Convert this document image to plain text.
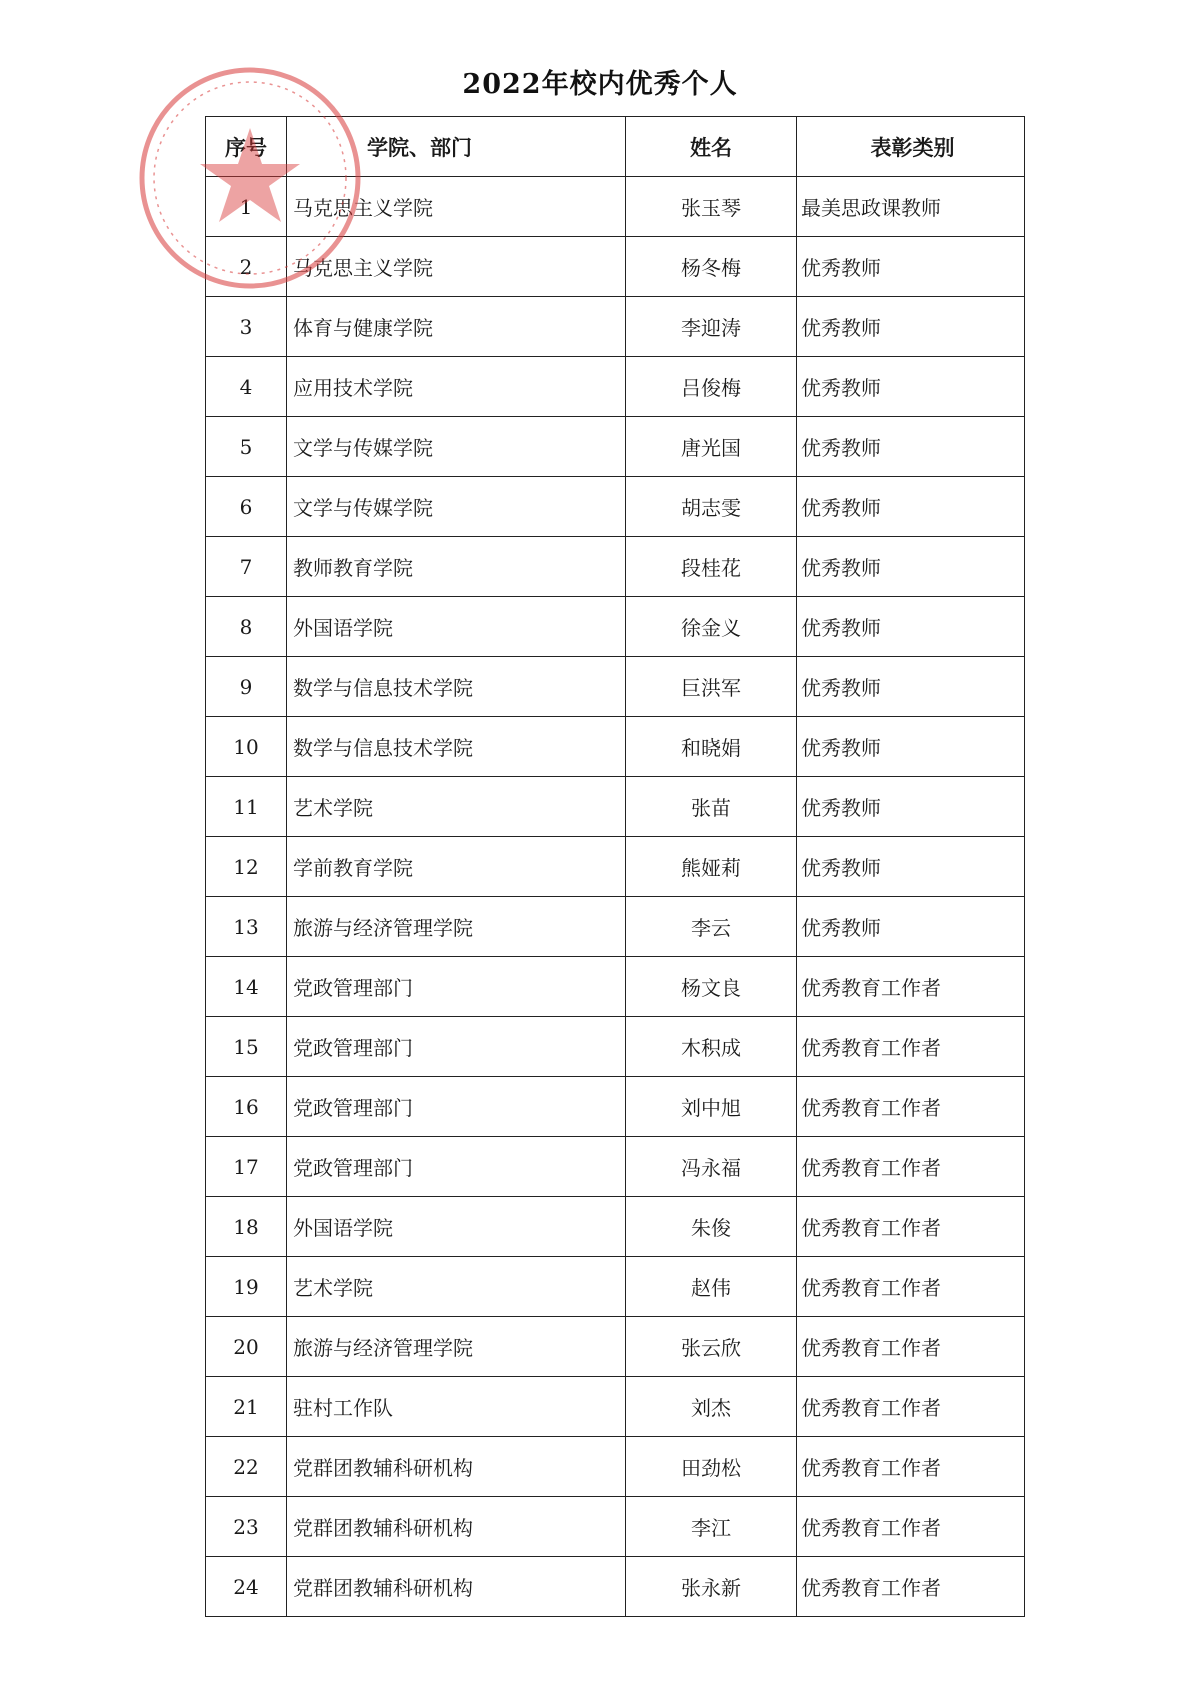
2022年校内优秀个人
序号	学院、部门	姓名	表彰类别
1	马克思主义学院	张玉琴	最美思政课教师
2	马克思主义学院	杨冬梅	优秀教师
3	体育与健康学院	李迎涛	优秀教师
4	应用技术学院	吕俊梅	优秀教师
5	文学与传媒学院	唐光国	优秀教师
6	文学与传媒学院	胡志雯	优秀教师
7	教师教育学院	段桂花	优秀教师
8	外国语学院	徐金义	优秀教师
9	数学与信息技术学院	巨洪军	优秀教师
10	数学与信息技术学院	和晓娟	优秀教师
11	艺术学院	张苗	优秀教师
12	学前教育学院	熊娅莉	优秀教师
13	旅游与经济管理学院	李云	优秀教师
14	党政管理部门	杨文良	优秀教育工作者
15	党政管理部门	木积成	优秀教育工作者
16	党政管理部门	刘中旭	优秀教育工作者
17	党政管理部门	冯永福	优秀教育工作者
18	外国语学院	朱俊	优秀教育工作者
19	艺术学院	赵伟	优秀教育工作者
20	旅游与经济管理学院	张云欣	优秀教育工作者
21	驻村工作队	刘杰	优秀教育工作者
22	党群团教辅科研机构	田劲松	优秀教育工作者
23	党群团教辅科研机构	李江	优秀教育工作者
24	党群团教辅科研机构	张永新	优秀教育工作者
